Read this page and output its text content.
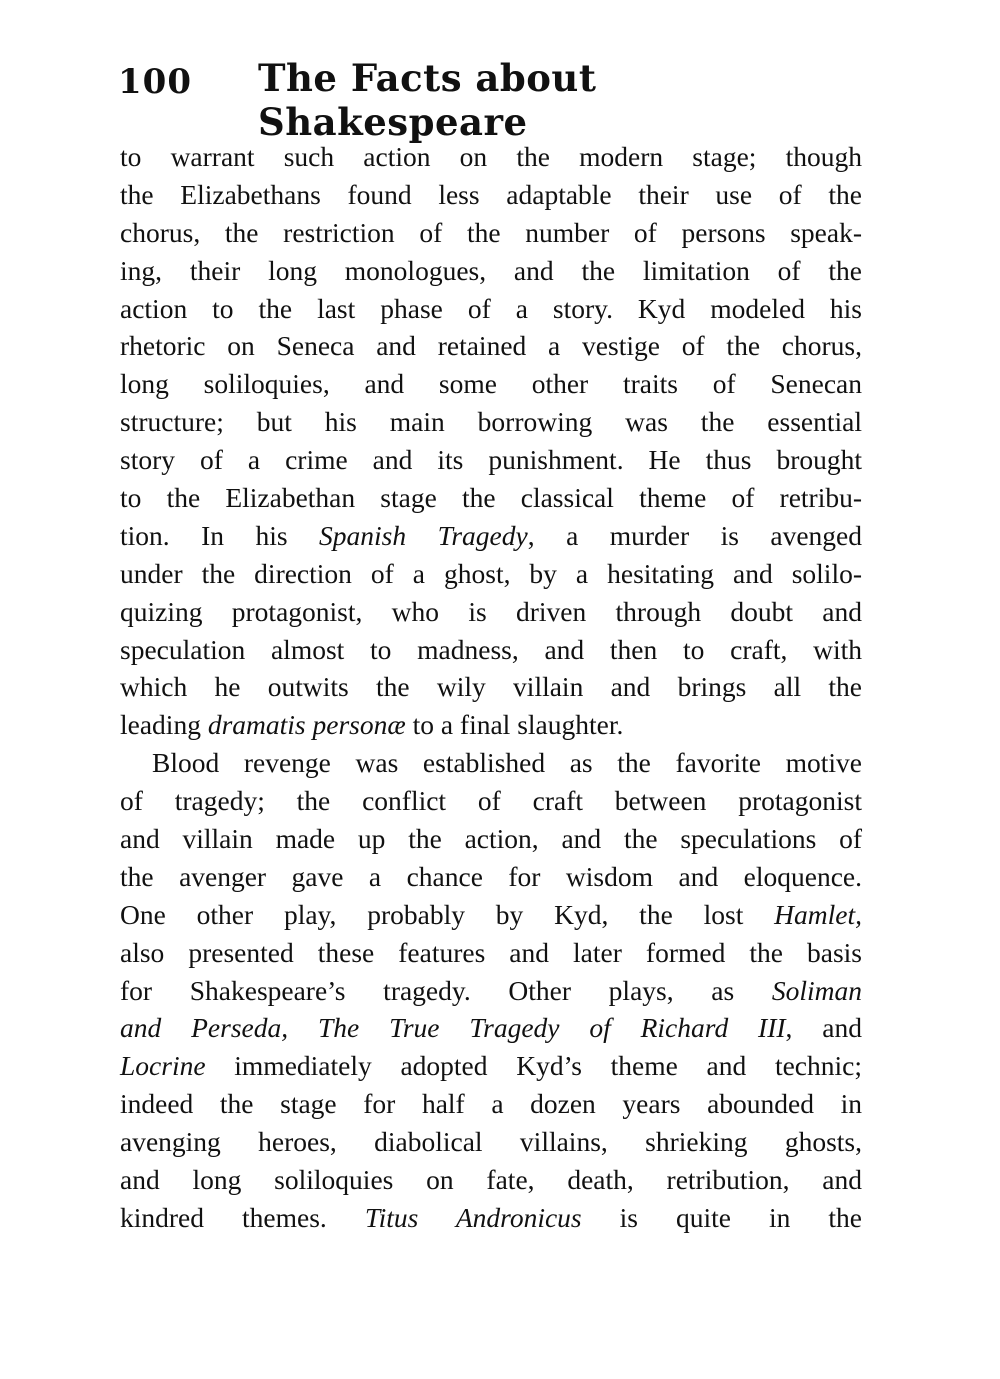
100 The Facts about Shakespeare
to warrant such action on the modern stage; though
the Elizabethans found less adaptable their use of the
chorus, the restriction of the number of persons speak-
ing, their long monologues, and the limitation of the
action to the last phase of a story. Kyd modeled his
rhetoric on Seneca and retained a vestige of the chorus,
long soliloquies, and some other traits of Senecan
structure; but his main borrowing was the essential
story of a crime and its punishment. He thus brought
to the Elizabethan stage the classical theme of retribu-
tion. In his Spanish Tragedy, a murder is avenged
under the direction of a ghost, by a hesitating and solilo-
quizing protagonist, who is driven through doubt and
speculation almost to madness, and then to craft, with
which he outwits the wily villain and brings all the
leading dramatis personæ to a final slaughter.
Blood revenge was established as the favorite motive
of tragedy; the conflict of craft between protagonist
and villain made up the action, and the speculations of
the avenger gave a chance for wisdom and eloquence.
One other play, probably by Kyd, the lost Hamlet,
also presented these features and later formed the basis
for Shakespeare’s tragedy. Other plays, as Soliman
and Perseda, The True Tragedy of Richard III, and
Locrine immediately adopted Kyd’s theme and technic;
indeed the stage for half a dozen years abounded in
avenging heroes, diabolical villains, shrieking ghosts,
and long soliloquies on fate, death, retribution, and
kindred themes. Titus Andronicus is quite in the
